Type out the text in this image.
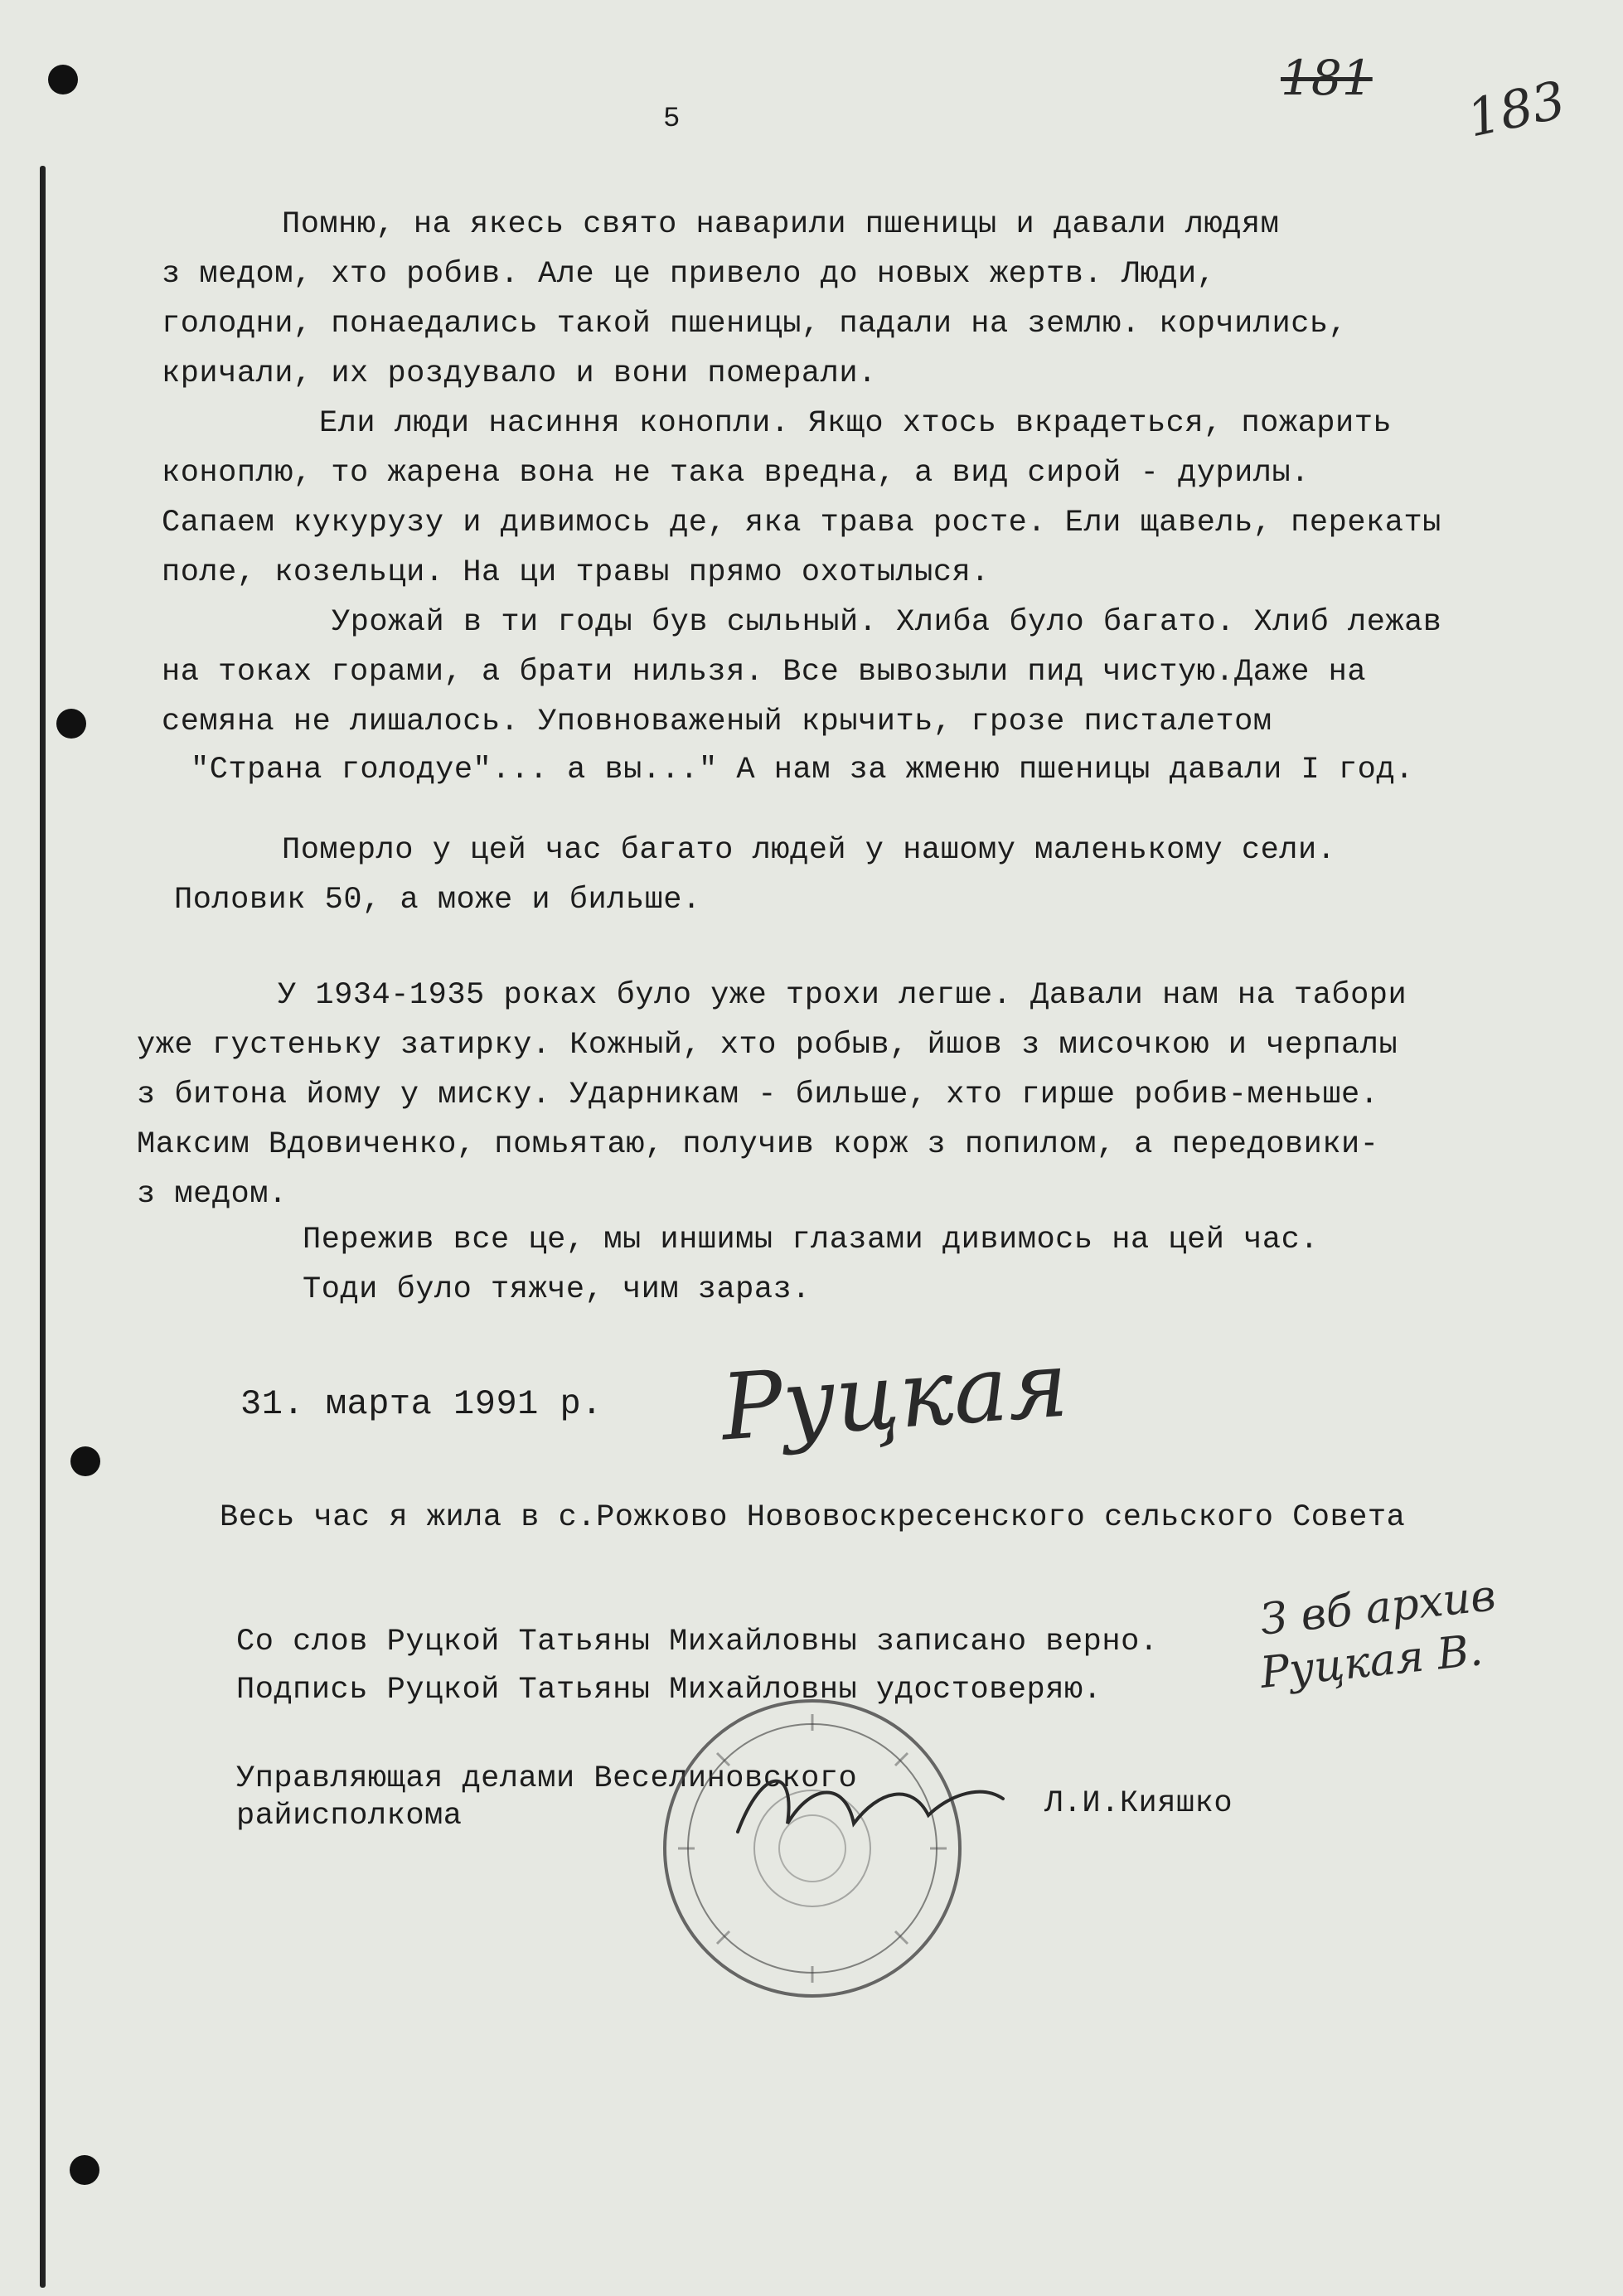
181 183
5
Помню, на якесь свято наварили пшеницы и давали людям
з медом, хто робив. Але це привело до новых жертв. Люди,
голодни, понаедались такой пшеницы, падали на землю. корчились,
кричали, их роздувало и вони померали.
Ели люди насиння конопли. Якщо хтось вкрадеться, пожарить
коноплю, то жарена вона не така вредна, а вид сирой - дурилы.
Сапаем кукурузу и дивимось де, яка трава росте. Ели щавель, перекаты
поле, козельци. На ци травы прямо охотылыся.
Урожай в ти годы був сыльный. Хлиба було багато. Хлиб лежав
на токах горами, а брати нильзя. Все вывозыли пид чистую.Даже на
семяна не лишалось. Уповноваженый крычить, грозе писталетом
"Страна голодуе"... а вы..." А нам за жменю пшеницы давали I год.
Померло у цей час багато людей у нашому маленькому сели.
Половик 50, а може и бильше.
У 1934-1935 роках було уже трохи легше. Давали нам на табори
уже густеньку затирку. Кожный, хто робыв, йшов з мисочкою и черпалы
з битона йому у миску. Ударникам - бильше, хто гирше робив-меньше.
Максим Вдовиченко, помьятаю, получив корж з попилом, а передовики-
з медом.
Пережив все це, мы иншимы глазами дивимось на цей час.
Тоди було тяжче, чим зараз.
31. марта 1991 р. Руцкая
Весь час я жила в с.Рожково Нововоскресенского сельского Совета
Со слов Руцкой Татьяны Михайловны записано верно.
Подпись Руцкой Татьяны Михайловны удостоверяю.
З вб архив
Руцкая В.
Управляющая делами Веселиновского
райисполкома	Л.И.Кияшко
